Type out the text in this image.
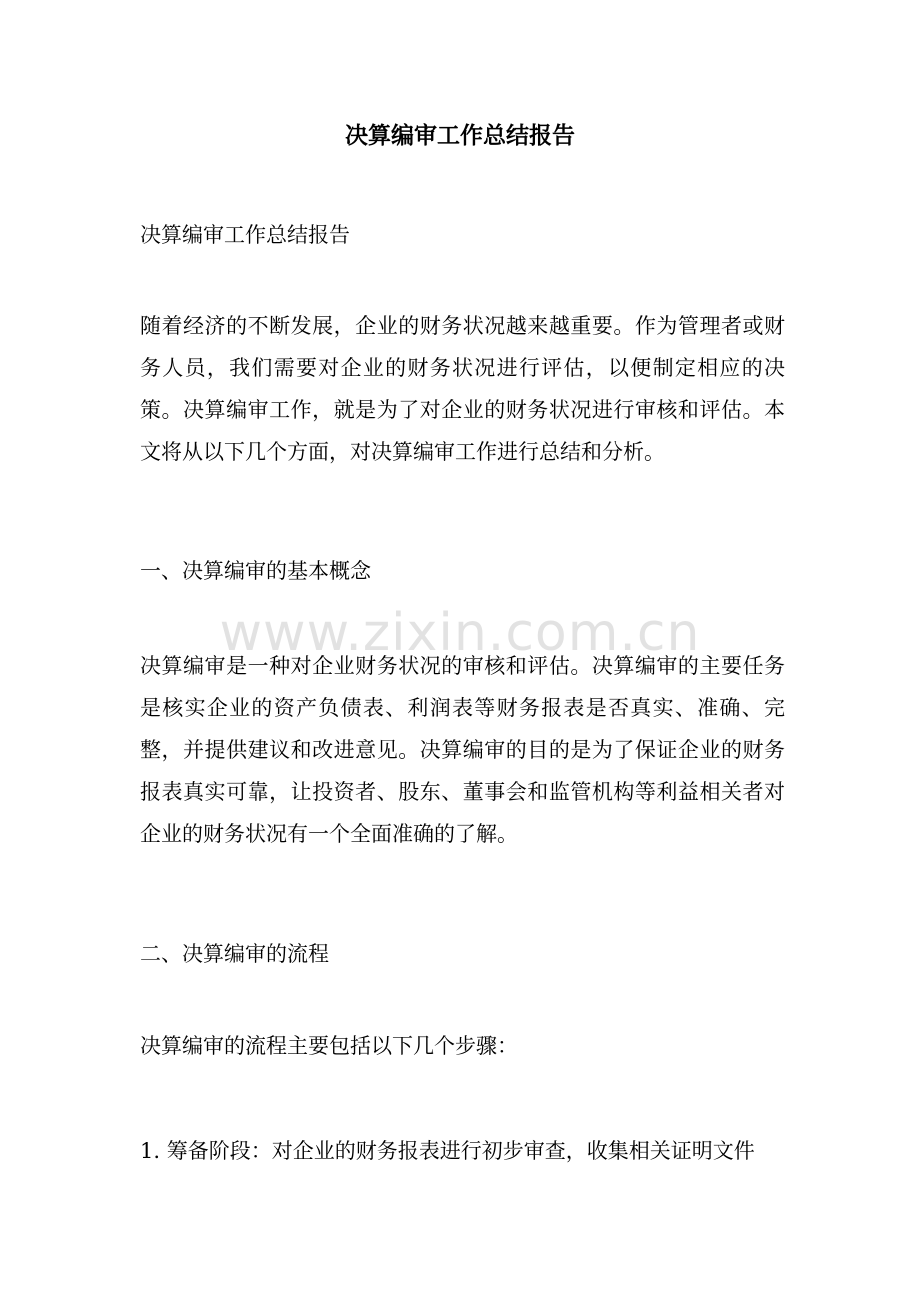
决算编审工作总结报告

决算编审工作总结报告

随着经济的不断发展，企业的财务状况越来越重要。作为管理者或财务人员，我们需要对企业的财务状况进行评估，以便制定相应的决策。决算编审工作，就是为了对企业的财务状况进行审核和评估。本文将从以下几个方面，对决算编审工作进行总结和分析。

一、决算编审的基本概念

决算编审是一种对企业财务状况的审核和评估。决算编审的主要任务是核实企业的资产负债表、利润表等财务报表是否真实、准确、完整，并提供建议和改进意见。决算编审的目的是为了保证企业的财务报表真实可靠，让投资者、股东、董事会和监管机构等利益相关者对企业的财务状况有一个全面准确的了解。

二、决算编审的流程

决算编审的流程主要包括以下几个步骤：

1. 筹备阶段：对企业的财务报表进行初步审查，收集相关证明文件

www.zixin.com.cn
